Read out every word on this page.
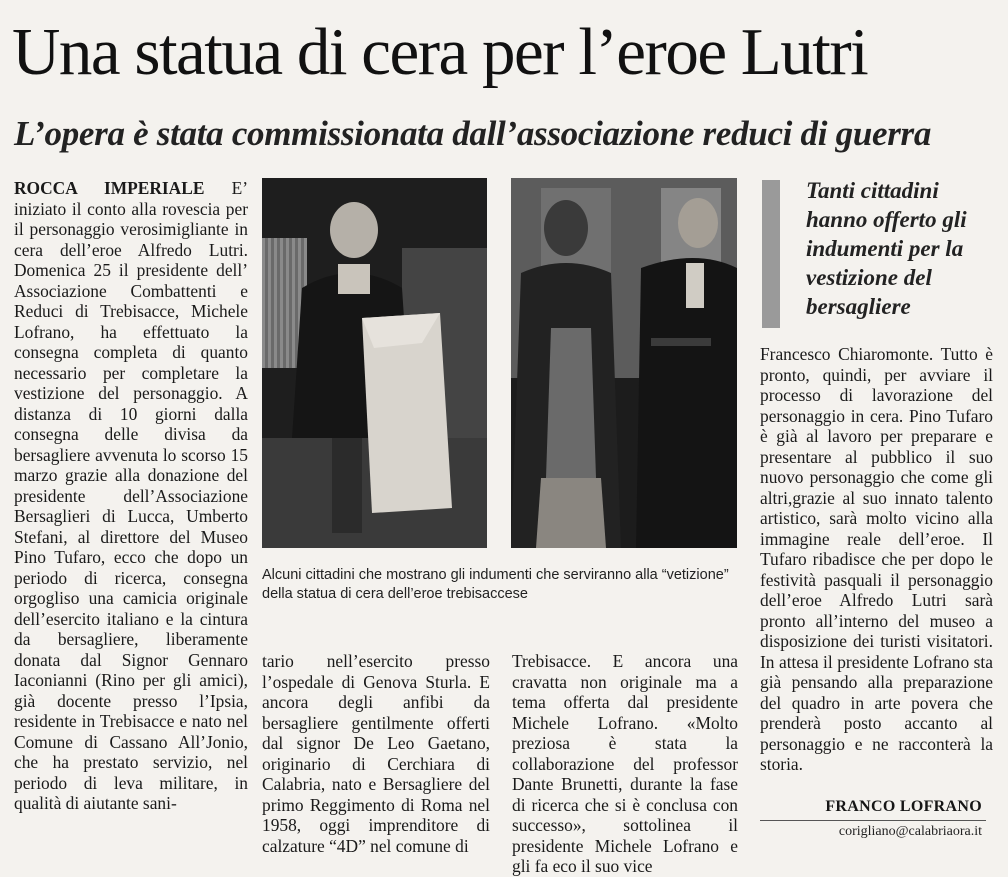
Una statua di cera per l’eroe Lutri
L’opera è stata commissionata dall’associazione reduci di guerra

ROCCA IMPERIALE E’ iniziato il conto alla rovescia per il personaggio verosimigliante in cera dell’eroe Alfredo Lutri. Domenica 25 il presidente dell’ Associazione Combattenti e Reduci di Trebisacce, Michele Lofrano, ha effettuato la consegna completa di quanto necessario per completare la vestizione del personaggio. A distanza di 10 giorni dalla consegna delle divisa da bersagliere avvenuta lo scorso 15 marzo grazie alla donazione del presidente dell’Associazione Bersaglieri di Lucca, Umberto Stefani, al direttore del Museo Pino Tufaro, ecco che dopo un periodo di ricerca, consegna orgogliso una camicia originale dell’esercito italiano e la cintura da bersagliere, liberamente donata dal Signor Gennaro Iaconianni (Rino per gli amici), già docente presso l’Ipsia, residente in Trebisacce e nato nel Comune di Cassano All’Jonio, che ha prestato servizio, nel periodo di leva militare, in qualità di aiutante sani-

Alcuni cittadini che mostrano gli indumenti che serviranno alla “vetizione” della statua di cera dell’eroe trebisaccese

tario nell’esercito presso l’ospedale di Genova Sturla. E ancora degli anfibi da bersagliere gentilmente offerti dal signor De Leo Gaetano, originario di Cerchiara di Calabria, nato e Bersagliere del primo Reggimento di Roma nel 1958, oggi imprenditore di calzature “4D” nel comune di

Trebisacce. E ancora una cravatta non originale ma a tema offerta dal presidente Michele Lofrano. «Molto preziosa è stata la collaborazione del professor Dante Brunetti, durante la fase di ricerca che si è conclusa con successo», sottolinea il presidente Michele Lofrano e gli fa eco il suo vice

Tanti cittadini hanno offerto gli indumenti per la vestizione del bersagliere

Francesco Chiaromonte. Tutto è pronto, quindi, per avviare il processo di lavorazione del personaggio in cera. Pino Tufaro è già al lavoro per preparare e presentare al pubblico il suo nuovo personaggio che come gli altri,grazie al suo innato talento artistico, sarà molto vicino alla immagine reale dell’eroe. Il Tufaro ribadisce che per dopo le festività pasquali il personaggio dell’eroe Alfredo Lutri sarà pronto all’interno del museo a disposizione dei turisti visitatori. In attesa il presidente Lofrano sta già pensando alla preparazione del quadro in arte povera che prenderà posto accanto al personaggio e ne racconterà la storia.

FRANCO LOFRANO
corigliano@calabriaora.it
